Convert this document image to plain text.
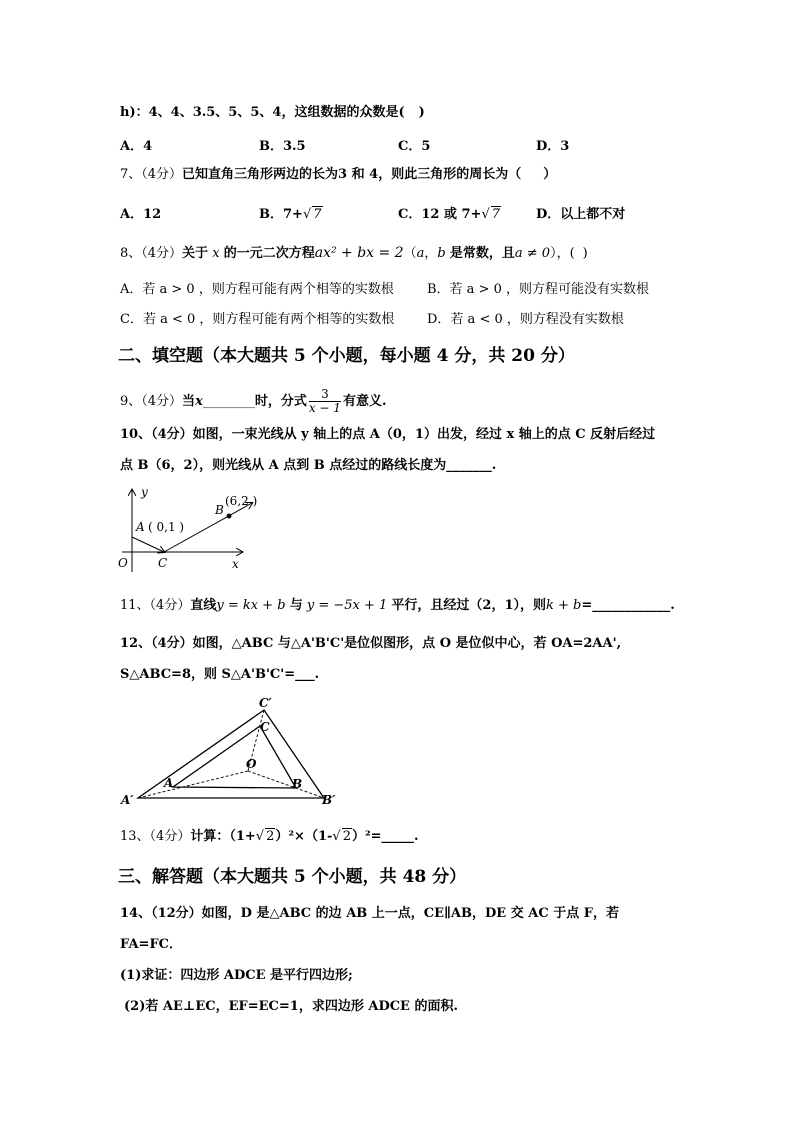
h)：4、4、3.5、5、5、4，这组数据的众数是( )
A．4	B．3.5	C．5	D．3
7、（4分）已知直角三角形两边的长为3 和 4，则此三角形的周长为（ ）
A．12	B．7+√ 7	C．12 或 7+√ 7	D．以上都不对
8、（4分）关于 x 的一元二次方程ax² + bx = 2（a，b 是常数，且a ≠ 0），( )
A．若 a > 0 ，则方程可能有两个相等的实数根	B．若 a > 0 ，则方程可能没有实数根
C．若 a < 0 ，则方程可能有两个相等的实数根	D．若 a < 0 ，则方程没有实数根
二、填空题（本大题共 5 个小题，每小题 4 分，共 20 分）
9、（4分）当x________时，分式 $\frac{3}{x - 1}$ 有意义.
10、（4分）如图，一束光线从 y 轴上的点 A（0，1）出发，经过 x 轴上的点 C 反射后经过
点 B（6，2），则光线从 A 点到 B 点经过的路线长度为_______.
y
x
O	C
A ( 0,1 )
B
(6,2 )
11、（4分）直线y = kx + b 与 y = −5x + 1 平行，且经过（2，1），则k + b=____________.
12、（4分）如图，△ABC 与△A'B'C'是位似图形，点 O 是位似中心，若 OA=2AA',
S△ABC=8，则 S△A'B'C'=___.
C′
C
O
A	B
A′	B′
13、（4分）计算：（1+√ 2）²×（1-√ 2）²=_____.
三、解答题（本大题共 5 个小题，共 48 分）
14、（12分）如图，D 是△ABC 的边 AB 上一点，CE∥AB，DE 交 AC 于点 F，若
FA=FC．
(1)求证：四边形 ADCE 是平行四边形;
(2)若 AE⊥EC，EF=EC=1，求四边形 ADCE 的面积.
